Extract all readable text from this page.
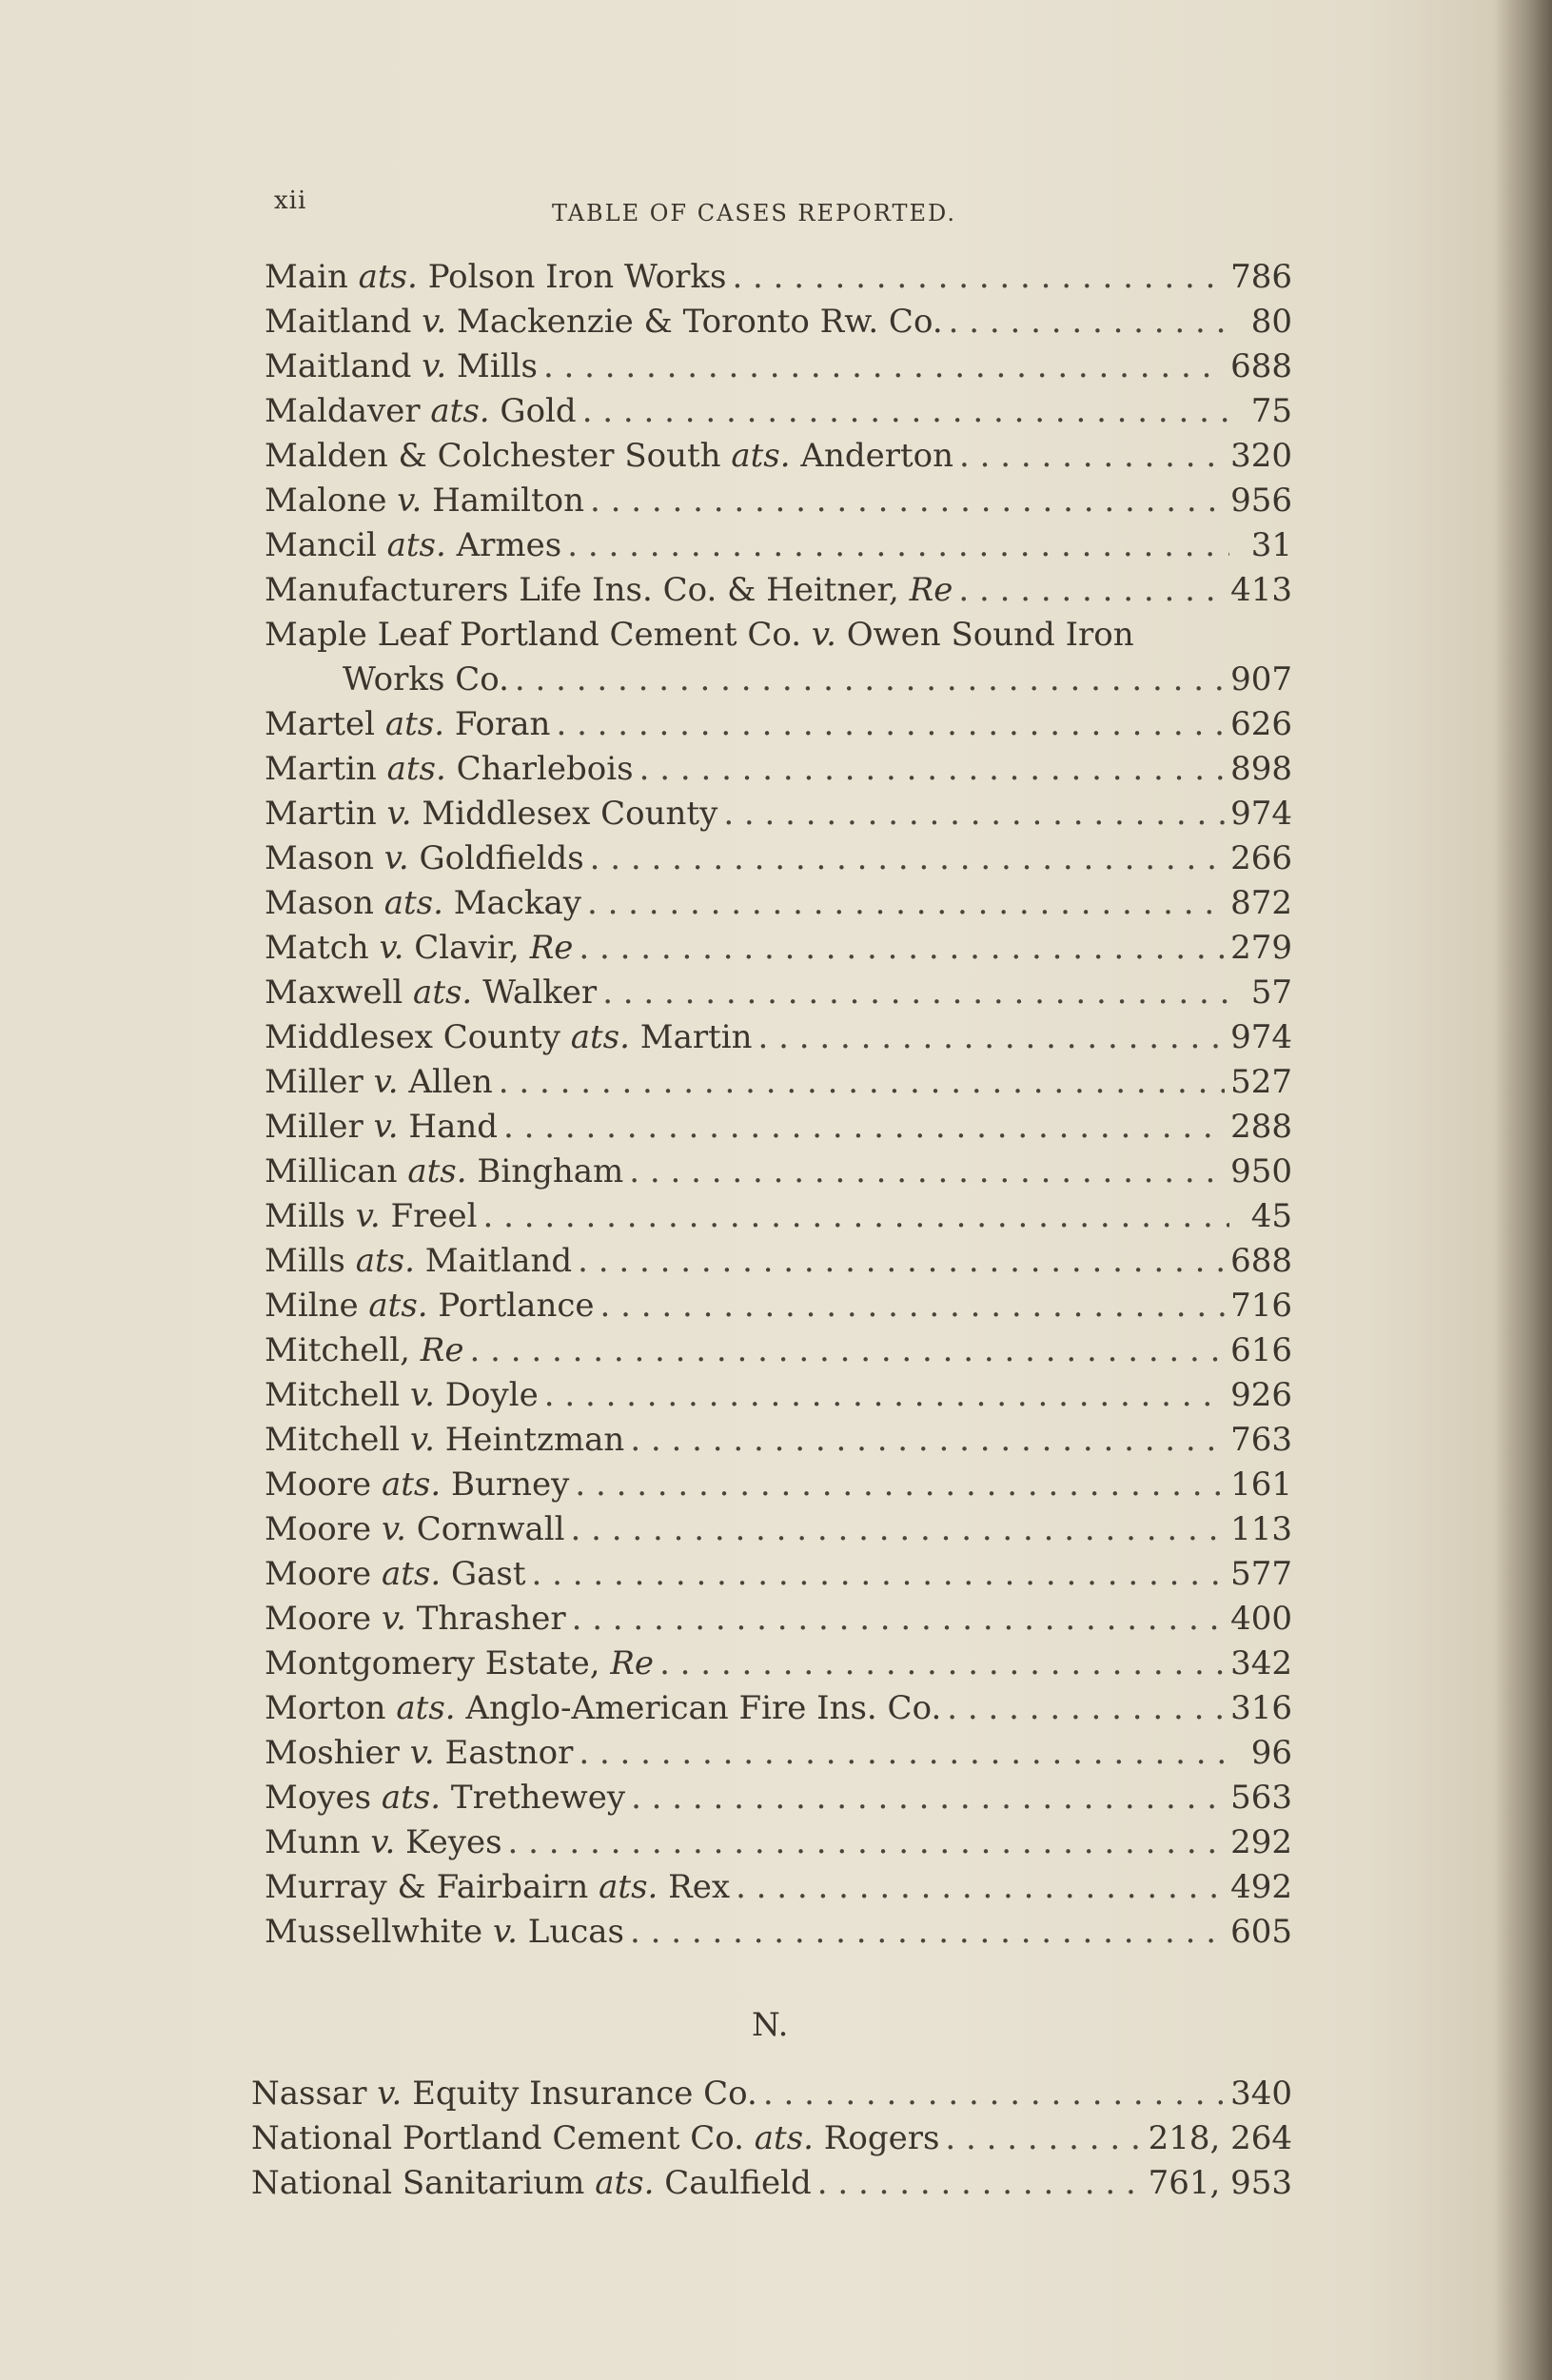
xii	TABLE OF CASES REPORTED.
Main ats. Polson Iron Works . . .	786
Maitland v. Mackenzie & Toronto Rw. Co. . . .	80
Maitland v. Mills . . .	688
Maldaver ats. Gold . . .	75
Malden & Colchester South ats. Anderton . . .	320
Malone v. Hamilton . . .	956
Mancil ats. Armes . . .	31
Manufacturers Life Ins. Co. & Heitner, Re . . .	413
Maple Leaf Portland Cement Co. v. Owen Sound Iron
Works Co. . . .	907
Martel ats. Foran . . .	626
Martin ats. Charlebois . . .	898
Martin v. Middlesex County . . .	974
Mason v. Goldfields . . .	266
Mason ats. Mackay . . .	872
Match v. Clavir, Re . . .	279
Maxwell ats. Walker . . .	57
Middlesex County ats. Martin . . .	974
Miller v. Allen . . .	527
Miller v. Hand . . .	288
Millican ats. Bingham . . .	950
Mills v. Freel . . .	45
Mills ats. Maitland . . .	688
Milne ats. Portlance . . .	716
Mitchell, Re . . .	616
Mitchell v. Doyle . . .	926
Mitchell v. Heintzman . . .	763
Moore ats. Burney . . .	161
Moore v. Cornwall . . .	113
Moore ats. Gast . . .	577
Moore v. Thrasher . . .	400
Montgomery Estate, Re . . .	342
Morton ats. Anglo-American Fire Ins. Co. . . .	316
Moshier v. Eastnor . . .	96
Moyes ats. Trethewey . . .	563
Munn v. Keyes . . .	292
Murray & Fairbairn ats. Rex . . .	492
Mussellwhite v. Lucas . . .	605
N.
Nassar v. Equity Insurance Co. . . .	340
National Portland Cement Co. ats. Rogers . . .	218, 264
National Sanitarium ats. Caulfield . . .	761, 953
